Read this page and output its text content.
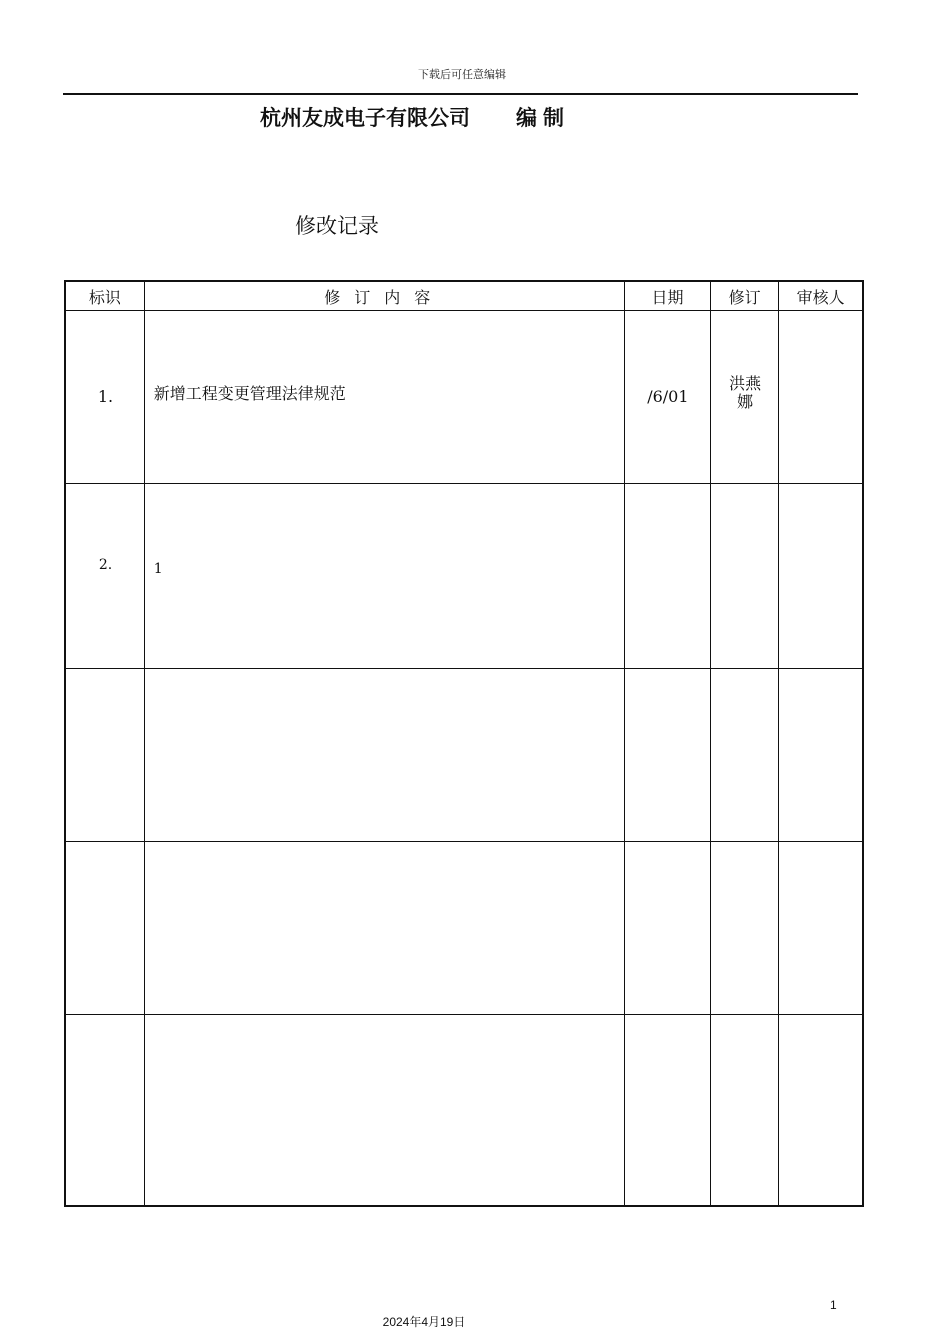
下载后可任意编辑
杭州友成电子有限公司 编制
修改记录
标识	修订内容	日期	修订	审核人

1.	新增工程变更管理法律规范	/6/01	洪燕娜	

2.	1			

1
2024年4月19日
